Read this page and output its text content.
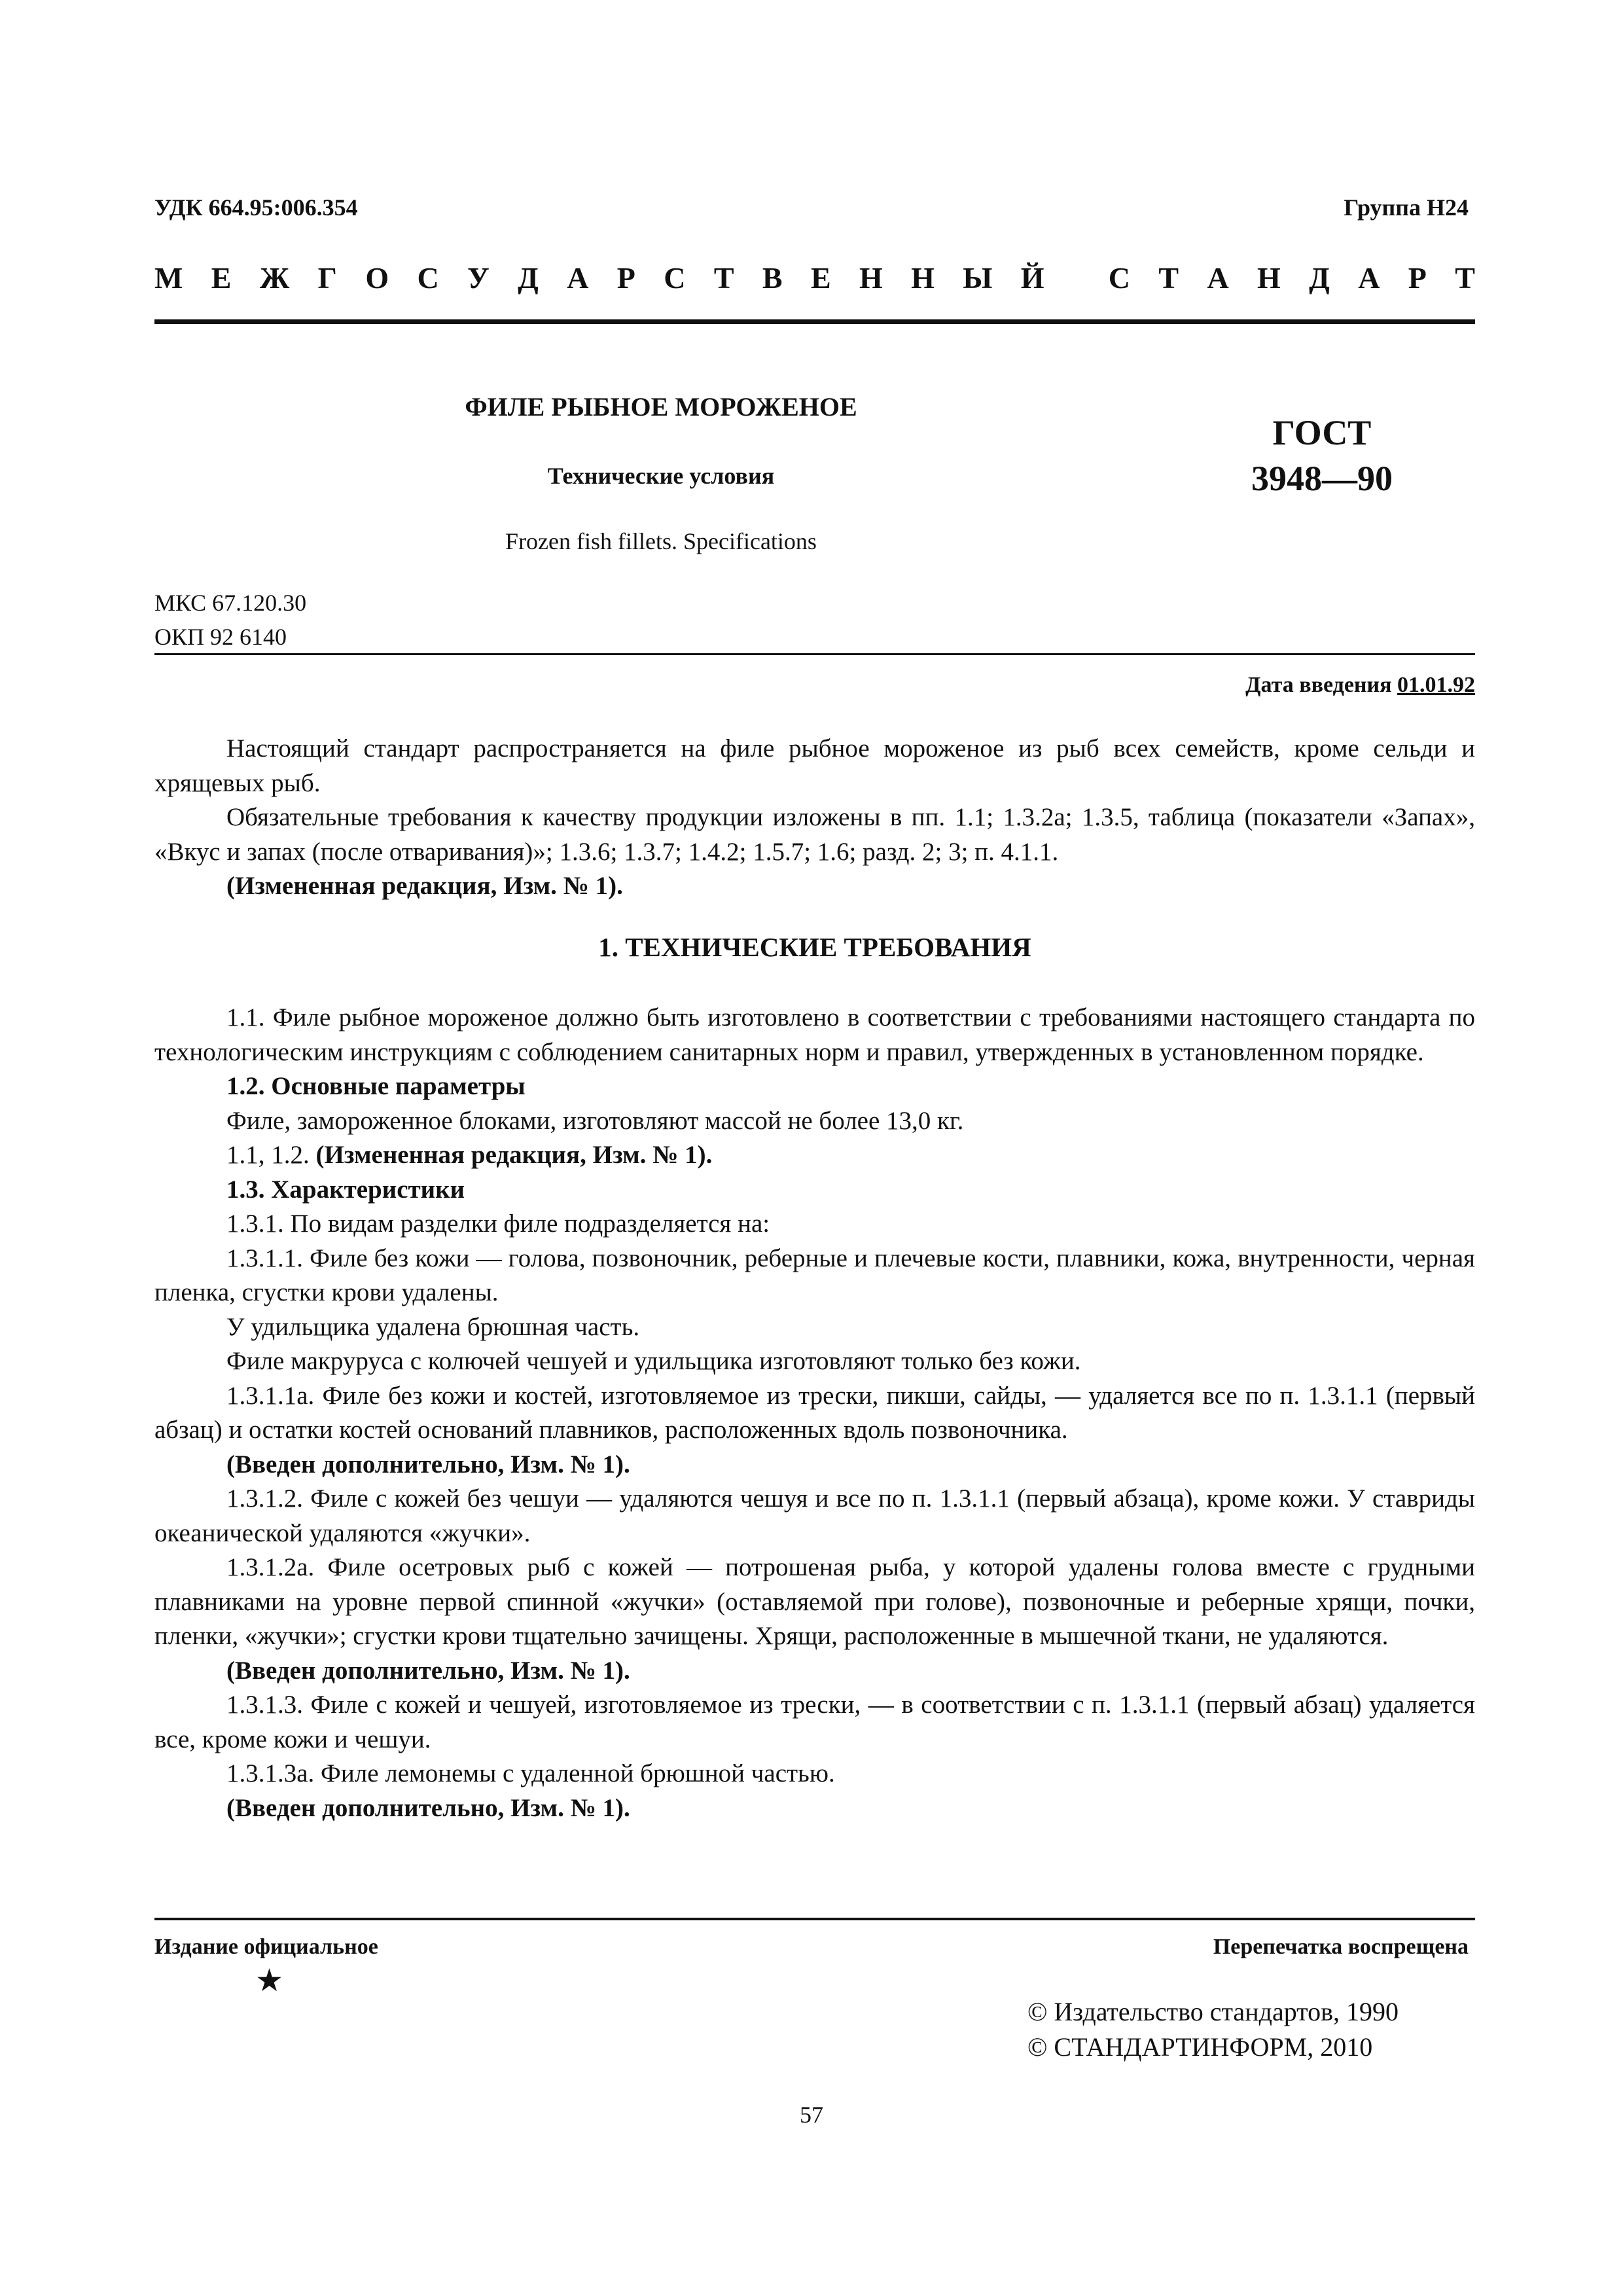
УДК 664.95:006.354	Группа Н24
М Е Ж Г О С У Д А Р С Т В Е Н Н Ы Й
С Т А Н Д А Р Т
ФИЛЕ РЫБНОЕ МОРОЖЕНОЕ
Технические условия
Frozen fish fillets. Specifications
ГОСТ
3948—90
МКС 67.120.30
ОКП 92 6140
Дата введения 01.01.92

Настоящий стандарт распространяется на филе рыбное мороженое из рыб всех семейств, кроме сельди и хрящевых рыб.

Обязательные требования к качеству продукции изложены в пп. 1.1; 1.3.2а; 1.3.5, таблица (показатели «Запах», «Вкус и запах (после отваривания)»; 1.3.6; 1.3.7; 1.4.2; 1.5.7; 1.6; разд. 2; 3; п. 4.1.1.

(Измененная редакция, Изм. № 1).

1. ТЕХНИЧЕСКИЕ ТРЕБОВАНИЯ

1.1. Филе рыбное мороженое должно быть изготовлено в соответствии с требованиями настоящего стандарта по технологическим инструкциям с соблюдением санитарных норм и правил, утвержденных в установленном порядке.

1.2. Основные параметры

Филе, замороженное блоками, изготовляют массой не более 13,0 кг.

1.1, 1.2. (Измененная редакция, Изм. № 1).

1.3. Характеристики

1.3.1. По видам разделки филе подразделяется на:

1.3.1.1. Филе без кожи — голова, позвоночник, реберные и плечевые кости, плавники, кожа, внутренности, черная пленка, сгустки крови удалены.

У удильщика удалена брюшная часть.

Филе макруруса с колючей чешуей и удильщика изготовляют только без кожи.

1.3.1.1а. Филе без кожи и костей, изготовляемое из трески, пикши, сайды, — удаляется все по п. 1.3.1.1 (первый абзац) и остатки костей оснований плавников, расположенных вдоль позвоночника.

(Введен дополнительно, Изм. № 1).

1.3.1.2. Филе с кожей без чешуи — удаляются чешуя и все по п. 1.3.1.1 (первый абзаца), кроме кожи. У ставриды океанической удаляются «жучки».

1.3.1.2а. Филе осетровых рыб с кожей — потрошеная рыба, у которой удалены голова вместе с грудными плавниками на уровне первой спинной «жучки» (оставляемой при голове), позвоночные и реберные хрящи, почки, пленки, «жучки»; сгустки крови тщательно зачищены. Хрящи, расположенные в мышечной ткани, не удаляются.

(Введен дополнительно, Изм. № 1).

1.3.1.3. Филе с кожей и чешуей, изготовляемое из трески, — в соответствии с п. 1.3.1.1 (первый абзац) удаляется все, кроме кожи и чешуи.

1.3.1.3а. Филе лемонемы с удаленной брюшной частью.

(Введен дополнительно, Изм. № 1).

Издание официальное
★
Перепечатка воспрещена
© Издательство стандартов, 1990
© СТАНДАРТИНФОРМ, 2010
57
